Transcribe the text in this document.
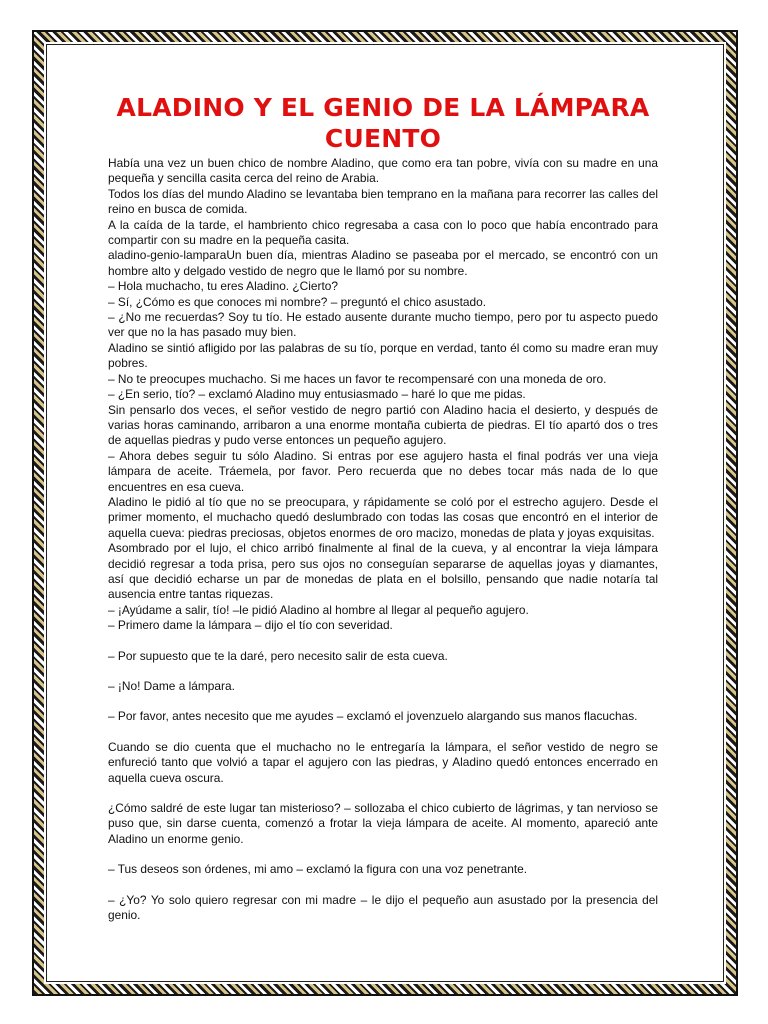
ALADINO Y EL GENIO DE LA LÁMPARA CUENTO

Había una vez un buen chico de nombre Aladino, que como era tan pobre, vivía con su madre en una pequeña y sencilla casita cerca del reino de Arabia.

Todos los días del mundo Aladino se levantaba bien temprano en la mañana para recorrer las calles del reino en busca de comida.

A la caída de la tarde, el hambriento chico regresaba a casa con lo poco que había encontrado para compartir con su madre en la pequeña casita.

aladino-genio-lamparaUn buen día, mientras Aladino se paseaba por el mercado, se encontró con un hombre alto y delgado vestido de negro que le llamó por su nombre.

– Hola muchacho, tu eres Aladino. ¿Cierto?

– Sí, ¿Cómo es que conoces mi nombre? – preguntó el chico asustado.

– ¿No me recuerdas? Soy tu tío. He estado ausente durante mucho tiempo, pero por tu aspecto puedo ver que no la has pasado muy bien.

Aladino se sintió afligido por las palabras de su tío, porque en verdad, tanto él como su madre eran muy pobres.

– No te preocupes muchacho. Si me haces un favor te recompensaré con una moneda de oro.

– ¿En serio, tío? – exclamó Aladino muy entusiasmado – haré lo que me pidas.

Sin pensarlo dos veces, el señor vestido de negro partió con Aladino hacia el desierto, y después de varias horas caminando, arribaron a una enorme montaña cubierta de piedras. El tío apartó dos o tres de aquellas piedras y pudo verse entonces un pequeño agujero.

– Ahora debes seguir tu sólo Aladino. Si entras por ese agujero hasta el final podrás ver una vieja lámpara de aceite. Tráemela, por favor. Pero recuerda que no debes tocar más nada de lo que encuentres en esa cueva.

Aladino le pidió al tío que no se preocupara, y rápidamente se coló por el estrecho agujero. Desde el primer momento, el muchacho quedó deslumbrado con todas las cosas que encontró en el interior de aquella cueva: piedras preciosas, objetos enormes de oro macizo, monedas de plata y joyas exquisitas.

Asombrado por el lujo, el chico arribó finalmente al final de la cueva, y al encontrar la vieja lámpara decidió regresar a toda prisa, pero sus ojos no conseguían separarse de aquellas joyas y diamantes, así que decidió echarse un par de monedas de plata en el bolsillo, pensando que nadie notaría tal ausencia entre tantas riquezas.

– ¡Ayúdame a salir, tío! –le pidió Aladino al hombre al llegar al pequeño agujero.

– Primero dame la lámpara – dijo el tío con severidad.

– Por supuesto que te la daré, pero necesito salir de esta cueva.

– ¡No! Dame a lámpara.

– Por favor, antes necesito que me ayudes – exclamó el jovenzuelo alargando sus manos flacuchas.

Cuando se dio cuenta que el muchacho no le entregaría la lámpara, el señor vestido de negro se enfureció tanto que volvió a tapar el agujero con las piedras, y Aladino quedó entonces encerrado en aquella cueva oscura.

¿Cómo saldré de este lugar tan misterioso? – sollozaba el chico cubierto de lágrimas, y tan nervioso se puso que, sin darse cuenta, comenzó a frotar la vieja lámpara de aceite. Al momento, apareció ante Aladino un enorme genio.

– Tus deseos son órdenes, mi amo – exclamó la figura con una voz penetrante.

– ¿Yo? Yo solo quiero regresar con mi madre – le dijo el pequeño aun asustado por la presencia del genio.
